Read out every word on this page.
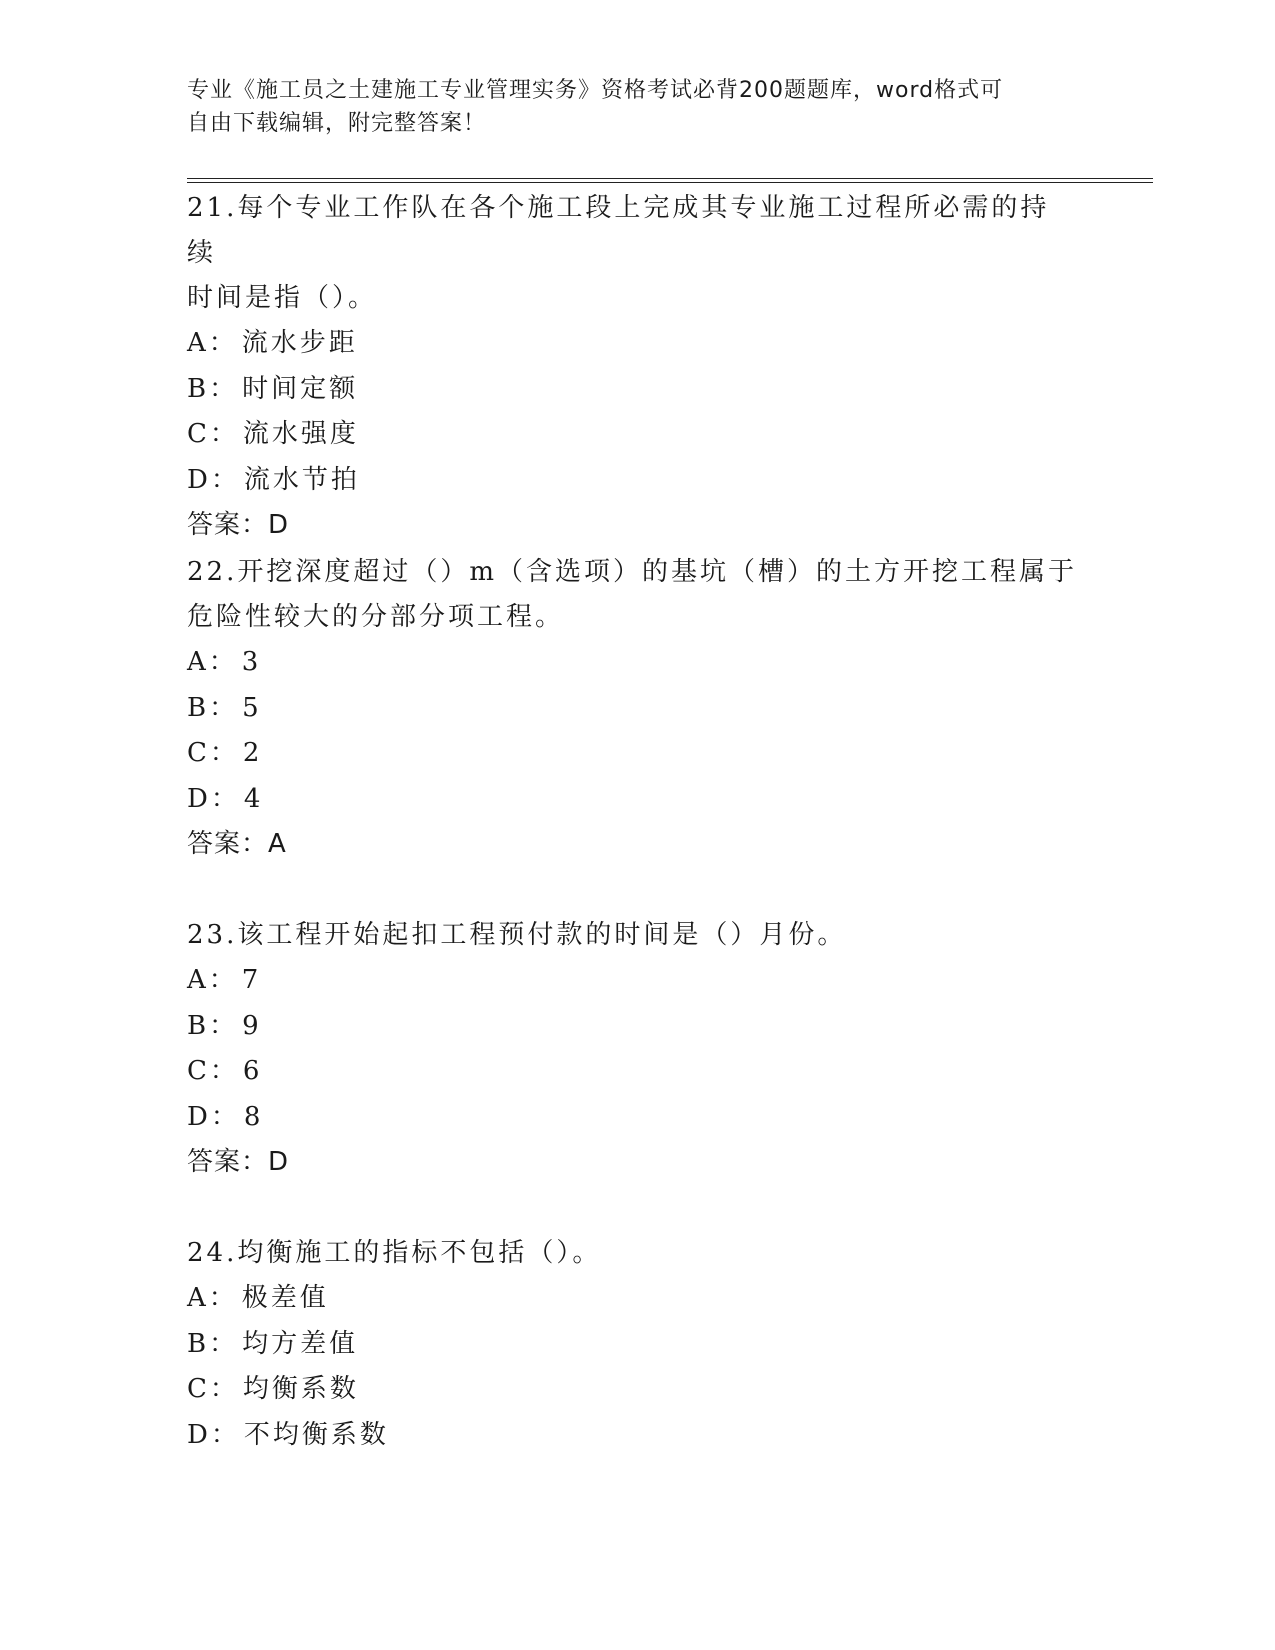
专业《施工员之土建施工专业管理实务》资格考试必背200题题库，word格式可
自由下载编辑，附完整答案！

21.每个专业工作队在各个施工段上完成其专业施工过程所必需的持续

时间是指（）。

A： 流水步距

B： 时间定额

C： 流水强度

D： 流水节拍

答案：D

22.开挖深度超过（）m（含选项）的基坑（槽）的土方开挖工程属于

危险性较大的分部分项工程。

A： 3

B： 5

C： 2

D： 4

答案：A

23.该工程开始起扣工程预付款的时间是（）月份。

A： 7

B： 9

C： 6

D： 8

答案：D

24.均衡施工的指标不包括（）。

A： 极差值

B： 均方差值

C： 均衡系数

D： 不均衡系数
